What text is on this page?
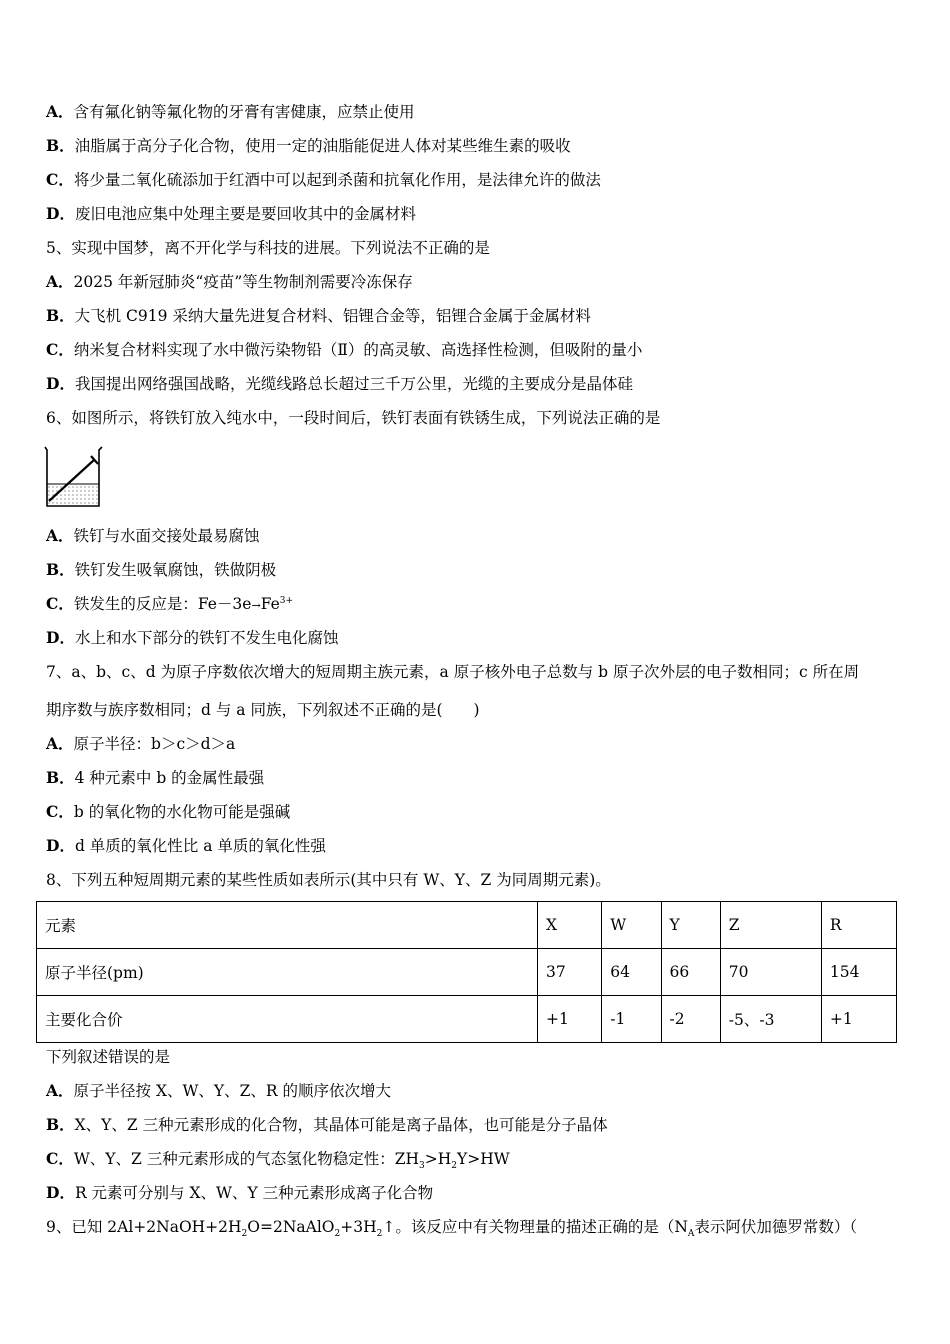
A．含有氟化钠等氟化物的牙膏有害健康，应禁止使用
B．油脂属于高分子化合物，使用一定的油脂能促进人体对某些维生素的吸收
C．将少量二氧化硫添加于红酒中可以起到杀菌和抗氧化作用，是法律允许的做法
D．废旧电池应集中处理主要是要回收其中的金属材料
5、实现中国梦，离不开化学与科技的进展。下列说法不正确的是
A．2025 年新冠肺炎“疫苗”等生物制剂需要冷冻保存
B．大飞机 C919 采纳大量先进复合材料、铝锂合金等，铝锂合金属于金属材料
C．纳米复合材料实现了水中微污染物铅（Ⅱ）的高灵敏、高选择性检测，但吸附的量小
D．我国提出网络强国战略，光缆线路总长超过三千万公里，光缆的主要成分是晶体硅
6、如图所示，将铁钉放入纯水中，一段时间后，铁钉表面有铁锈生成，下列说法正确的是
A．铁钉与水面交接处最易腐蚀
B．铁钉发生吸氧腐蚀，铁做阴极
C．铁发生的反应是：$Fe-3e\to Fe^{3+}$
D．水上和水下部分的铁钉不发生电化腐蚀
7、a、b、c、d 为原子序数依次增大的短周期主族元素，a 原子核外电子总数与 b 原子次外层的电子数相同；c 所在周
期序数与族序数相同；d 与 a 同族，下列叙述不正确的是(　　)
A．原子半径：b＞c＞d＞a
B．4 种元素中 b 的金属性最强
C．b 的氧化物的水化物可能是强碱
D．d 单质的氧化性比 a 单质的氧化性强
8、下列五种短周期元素的某些性质如表所示(其中只有 W、Y、Z 为同周期元素)。
元素	X	W	Y	Z	R
原子半径(pm)	37	64	66	70	154
主要化合价	+1	-1	-2	-5、-3	+1
下列叙述错误的是
A．原子半径按 X、W、Y、Z、R 的顺序依次增大
B．X、Y、Z 三种元素形成的化合物，其晶体可能是离子晶体，也可能是分子晶体
C．W、Y、Z 三种元素形成的气态氢化物稳定性：$ZH_3>H_2Y>HW$
D．R 元素可分别与 X、W、Y 三种元素形成离子化合物
9、已知 $2Al+2NaOH+2H_2O=2NaAlO_2+3H_2↑$。该反应中有关物理量的描述正确的是（$N_A$表示阿伏加德罗常数）（
